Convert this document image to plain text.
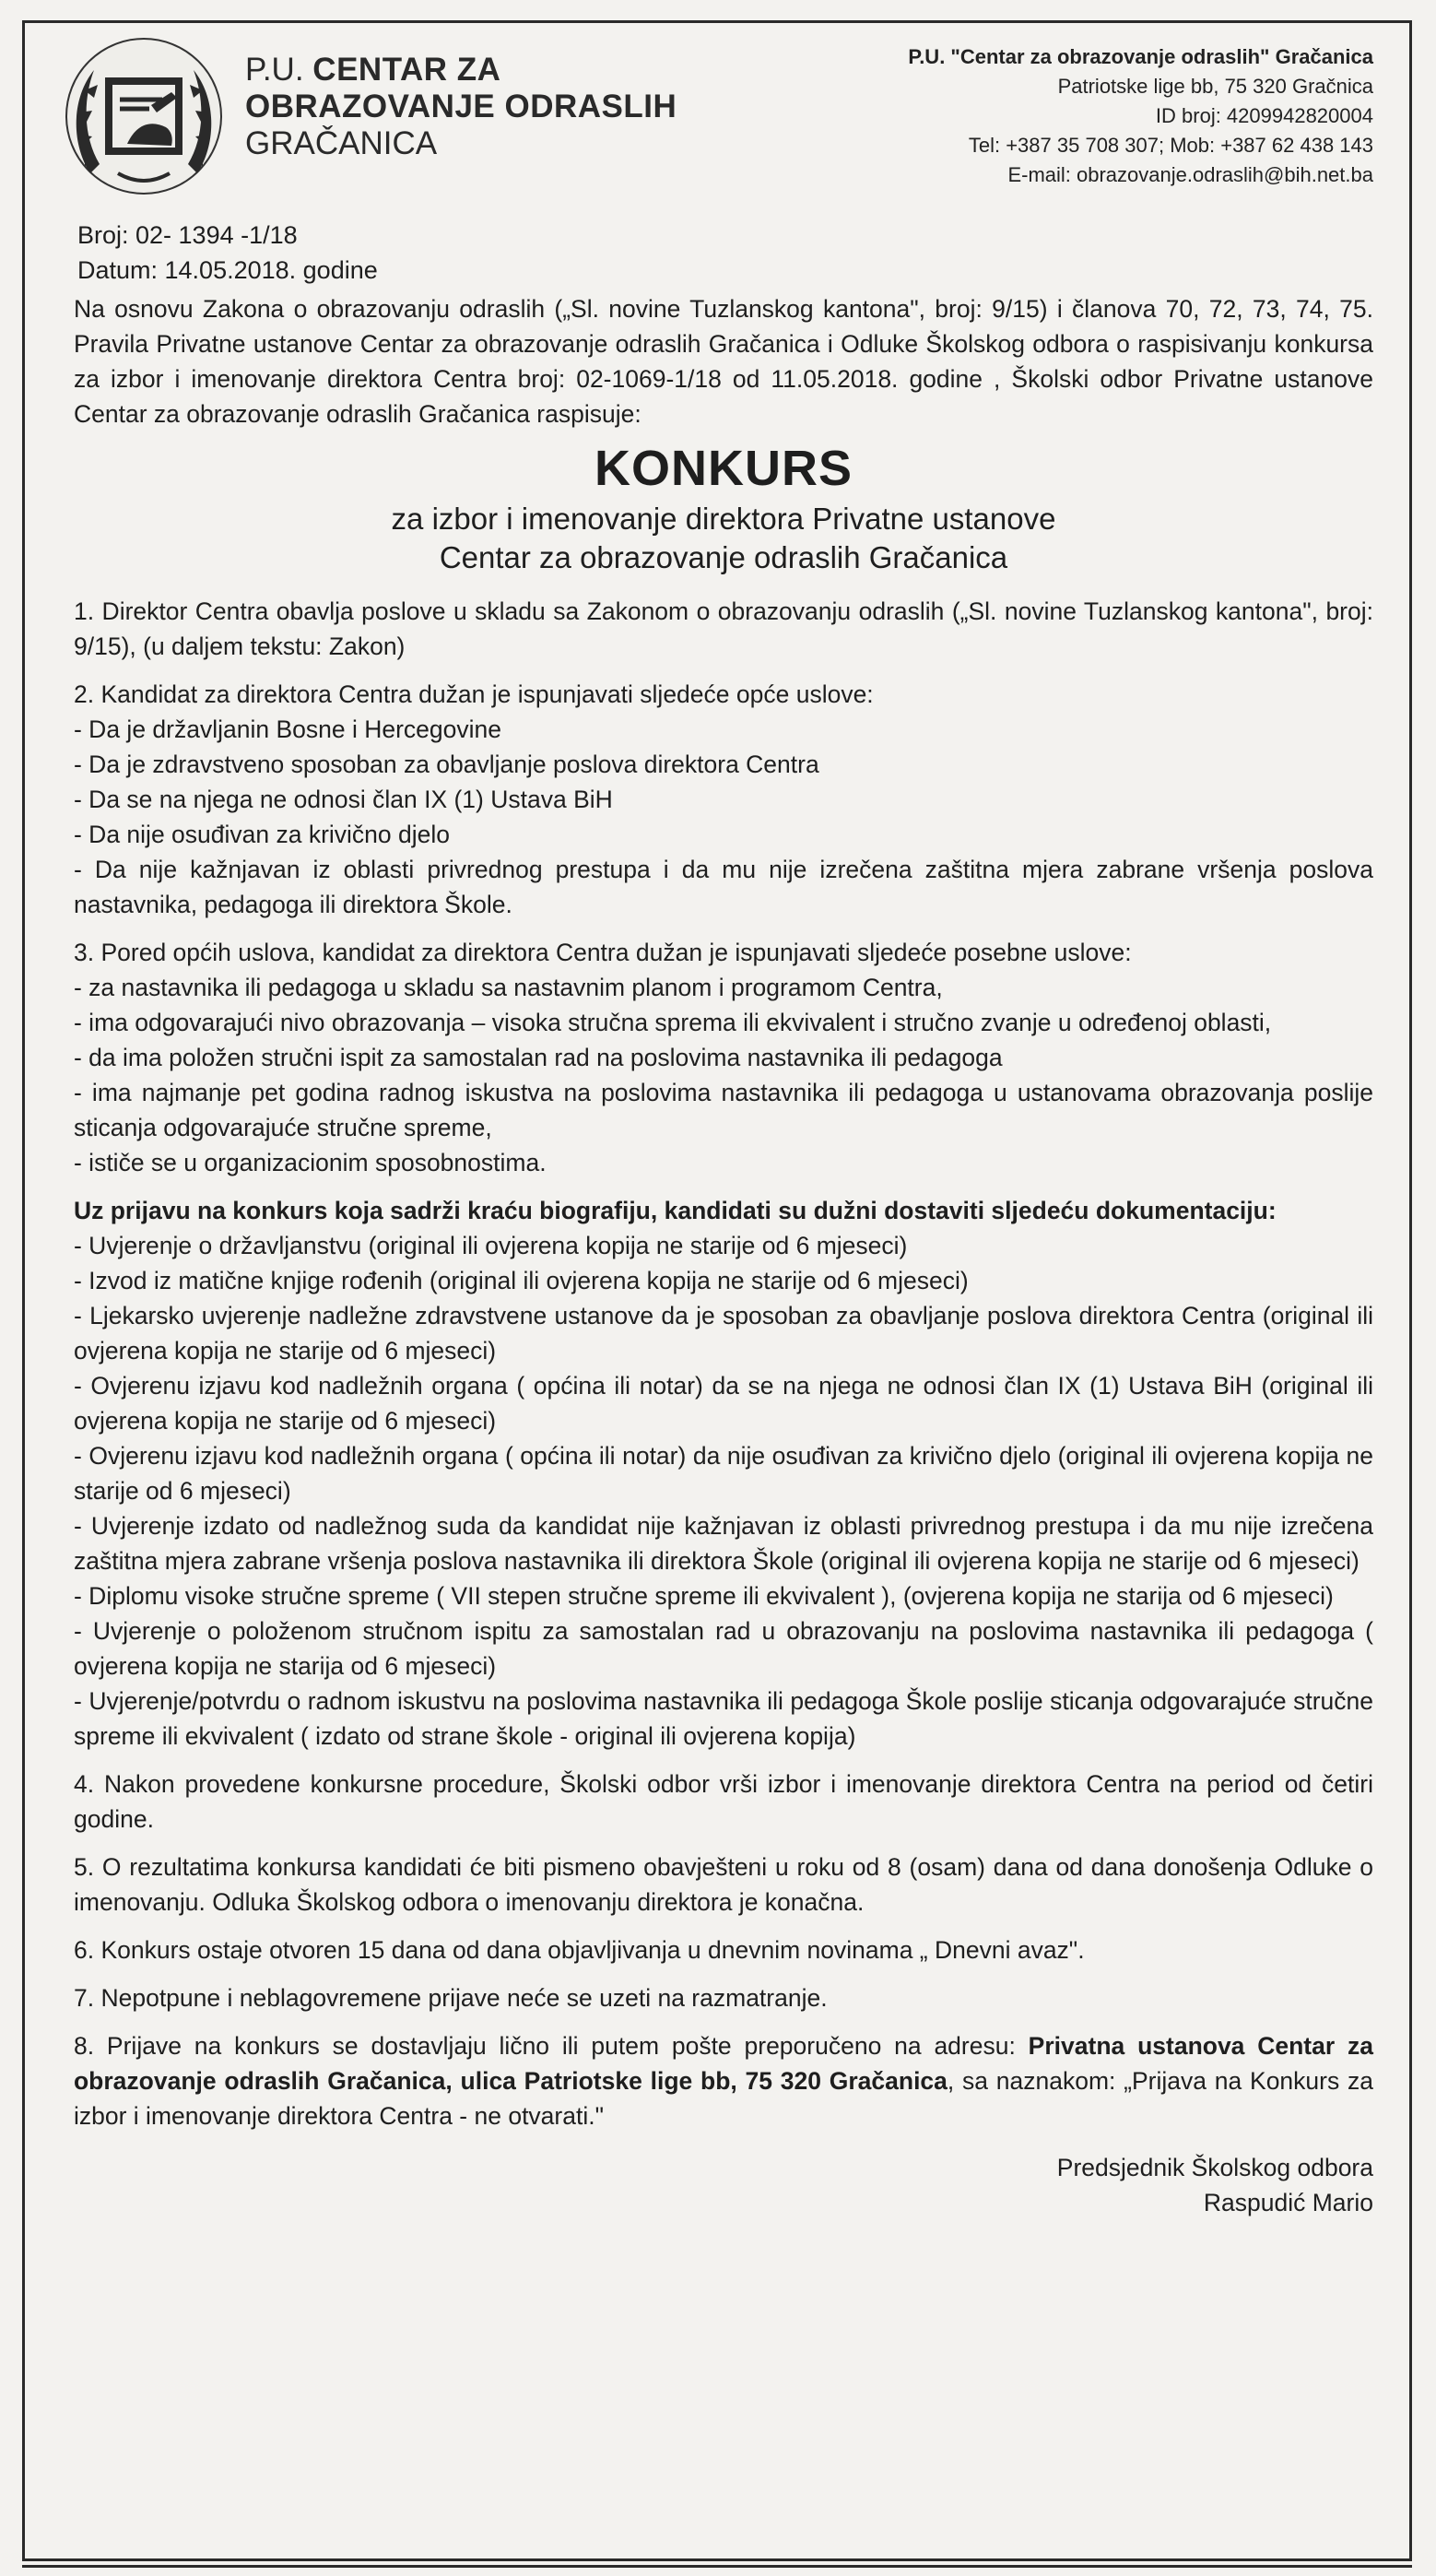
P.U. CENTAR ZA
OBRAZOVANJE ODRASLIH
GRAČANICA
P.U. "Centar za obrazovanje odraslih" Gračanica
Patriotske lige bb, 75 320 Gračnica
ID broj: 4209942820004
Tel: +387 35 708 307; Mob: +387 62 438 143
E-mail: obrazovanje.odraslih@bih.net.ba
Broj: 02- 1394 -1/18
Datum: 14.05.2018. godine

Na osnovu Zakona o obrazovanju odraslih („Sl. novine Tuzlanskog kantona", broj: 9/15) i članova 70, 72, 73, 74, 75. Pravila Privatne ustanove Centar za obrazovanje odraslih Gračanica i Odluke Školskog odbora o raspisivanju konkursa za izbor i imenovanje direktora Centra broj: 02-1069-1/18 od 11.05.2018. godine , Školski odbor Privatne ustanove Centar za obrazovanje odraslih Gračanica raspisuje:

KONKURS

za izbor i imenovanje direktora Privatne ustanove

Centar za obrazovanje odraslih Gračanica

1. Direktor Centra obavlja poslove u skladu sa Zakonom o obrazovanju odraslih („Sl. novine Tuzlanskog kantona", broj: 9/15), (u daljem tekstu: Zakon)

2. Kandidat za direktora Centra dužan je ispunjavati sljedeće opće uslove:

- Da je državljanin Bosne i Hercegovine

- Da je zdravstveno sposoban za obavljanje poslova direktora Centra

- Da se na njega ne odnosi član IX (1) Ustava BiH

- Da nije osuđivan za krivično djelo

- Da nije kažnjavan iz oblasti privrednog prestupa i da mu nije izrečena zaštitna mjera zabrane vršenja poslova nastavnika, pedagoga ili direktora Škole.

3. Pored općih uslova, kandidat za direktora Centra dužan je ispunjavati sljedeće posebne uslove:

- za nastavnika ili pedagoga u skladu sa nastavnim planom i programom Centra,

- ima odgovarajući nivo obrazovanja – visoka stručna sprema ili ekvivalent i stručno zvanje u određenoj oblasti,

- da ima položen stručni ispit za samostalan rad na poslovima nastavnika ili pedagoga

- ima najmanje pet godina radnog iskustva na poslovima nastavnika ili pedagoga u ustanovama obrazovanja poslije sticanja odgovarajuće stručne spreme,

- ističe se u organizacionim sposobnostima.

Uz prijavu na konkurs koja sadrži kraću biografiju, kandidati su dužni dostaviti sljedeću dokumentaciju:

- Uvjerenje o državljanstvu (original ili ovjerena kopija ne starije od 6 mjeseci)

- Izvod iz matične knjige rođenih (original ili ovjerena kopija ne starije od 6 mjeseci)

- Ljekarsko uvjerenje nadležne zdravstvene ustanove da je sposoban za obavljanje poslova direktora Centra (original ili ovjerena kopija ne starije od 6 mjeseci)

- Ovjerenu izjavu kod nadležnih organa ( općina ili notar) da se na njega ne odnosi član IX (1) Ustava BiH (original ili ovjerena kopija ne starije od 6 mjeseci)

- Ovjerenu izjavu kod nadležnih organa ( općina ili notar) da nije osuđivan za krivično djelo (original ili ovjerena kopija ne starije od 6 mjeseci)

- Uvjerenje izdato od nadležnog suda da kandidat nije kažnjavan iz oblasti privrednog prestupa i da mu nije izrečena zaštitna mjera zabrane vršenja poslova nastavnika ili direktora Škole (original ili ovjerena kopija ne starije od 6 mjeseci)

- Diplomu visoke stručne spreme ( VII stepen stručne spreme ili ekvivalent ), (ovjerena kopija ne starija od 6 mjeseci)

- Uvjerenje o položenom stručnom ispitu za samostalan rad u obrazovanju na poslovima nastavnika ili pedagoga ( ovjerena kopija ne starija od 6 mjeseci)

- Uvjerenje/potvrdu o radnom iskustvu na poslovima nastavnika ili pedagoga Škole poslije sticanja odgovarajuće stručne spreme ili ekvivalent ( izdato od strane škole - original ili ovjerena kopija)

4. Nakon provedene konkursne procedure, Školski odbor vrši izbor i imenovanje direktora Centra na period od četiri godine.

5. O rezultatima konkursa kandidati će biti pismeno obavješteni u roku od 8 (osam) dana od dana donošenja Odluke o imenovanju. Odluka Školskog odbora o imenovanju direktora je konačna.

6. Konkurs ostaje otvoren 15 dana od dana objavljivanja u dnevnim novinama „ Dnevni avaz".

7. Nepotpune i neblagovremene prijave neće se uzeti na razmatranje.

8. Prijave na konkurs se dostavljaju lično ili putem pošte preporučeno na adresu: Privatna ustanova Centar za obrazovanje odraslih Gračanica, ulica Patriotske lige bb, 75 320 Gračanica, sa naznakom: „Prijava na Konkurs za izbor i imenovanje direktora Centra - ne otvarati."

Predsjednik Školskog odbora

Raspudić Mario
